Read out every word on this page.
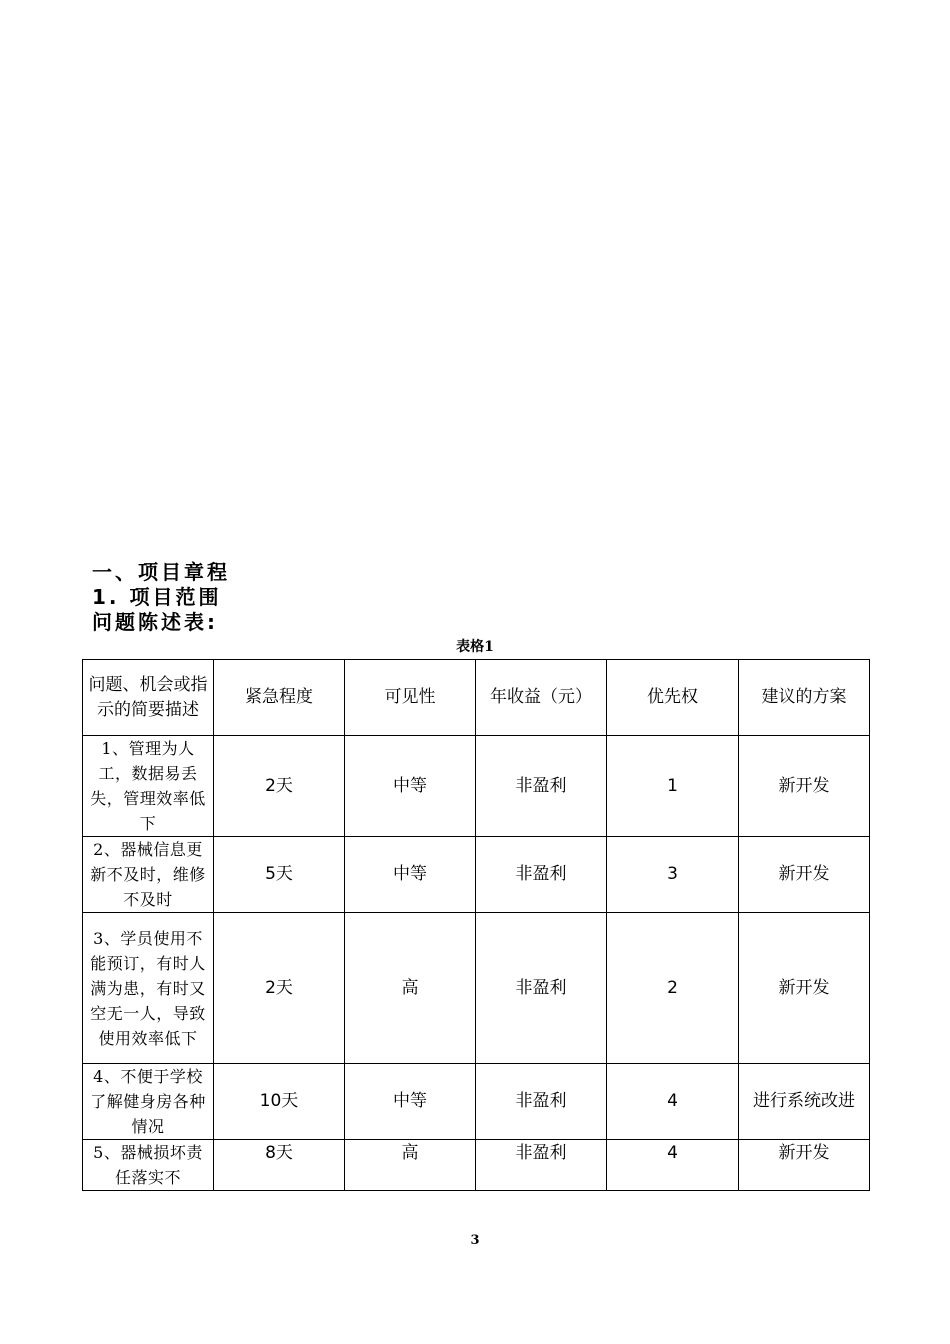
一、项目章程
1. 项目范围
问题陈述表:
表格1
问题、机会或指示的简要描述	紧急程度	可见性	年收益（元）	优先权	建议的方案
1、管理为人工，数据易丢失，管理效率低下	2天	中等	非盈利	1	新开发
2、器械信息更新不及时，维修不及时	5天	中等	非盈利	3	新开发
3、学员使用不能预订，有时人满为患，有时又空无一人，导致使用效率低下	2天	高	非盈利	2	新开发
4、不便于学校了解健身房各种情况	10天	中等	非盈利	4	进行系统改进
5、器械损坏责任落实不	8天	高	非盈利	4	新开发
3
